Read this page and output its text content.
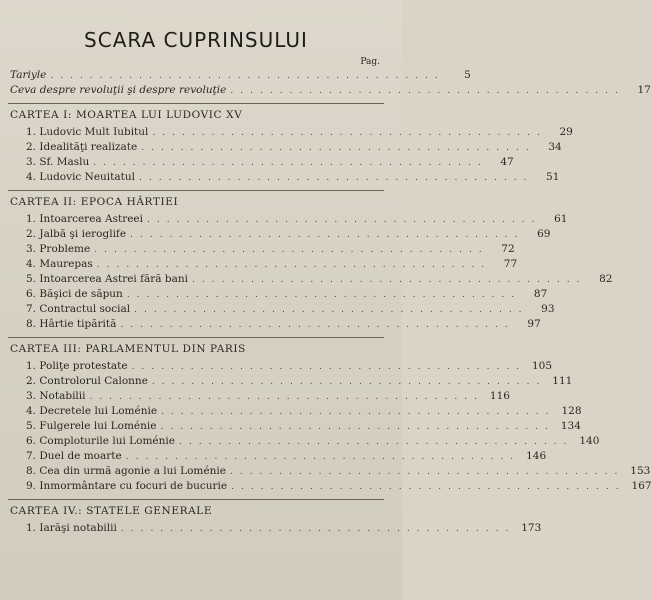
SCARA CUPRINSULUI
Pag.
Tariyle ........................................	5
Ceva despre revoluţii şi despre revoluţie ........................................	17
CARTEA I: MOARTEA LUI LUDOVIC XV
1. Ludovic Mult Iubitul ........................................	29
2. Idealităţi realizate ........................................	34
3. Sf. Maslu ........................................	47
4. Ludovic Neuitatul ........................................	51
CARTEA II: EPOCA HÂRTIEI
1. Intoarcerea Astreei ........................................	61
2. Jalbă şi ieroglife ........................................	69
3. Probleme ........................................	72
4. Maurepas ........................................	77
5. Intoarcerea Astrei fără bani ........................................	82
6. Băşici de săpun ........................................	87
7. Contractul social ........................................	93
8. Hârtie tipărită ........................................	97
CARTEA III: PARLAMENTUL DIN PARIS
1. Poliţe protestate ........................................ 105
2. Controlorul Calonne ........................................ 111
3. Notabilii ........................................ 116
4. Decretele lui Loménie ........................................ 128
5. Fulgerele lui Loménie ........................................ 134
6. Comploturile lui Loménie ........................................ 140
7. Duel de moarte ........................................ 146
8. Cea din urmă agonie a lui Loménie ........................................ 153
9. Inmormântare cu focuri de bucurie ........................................ 167
CARTEA IV.: STATELE GENERALE
1. Iarăşi notabilii ........................................ 173
